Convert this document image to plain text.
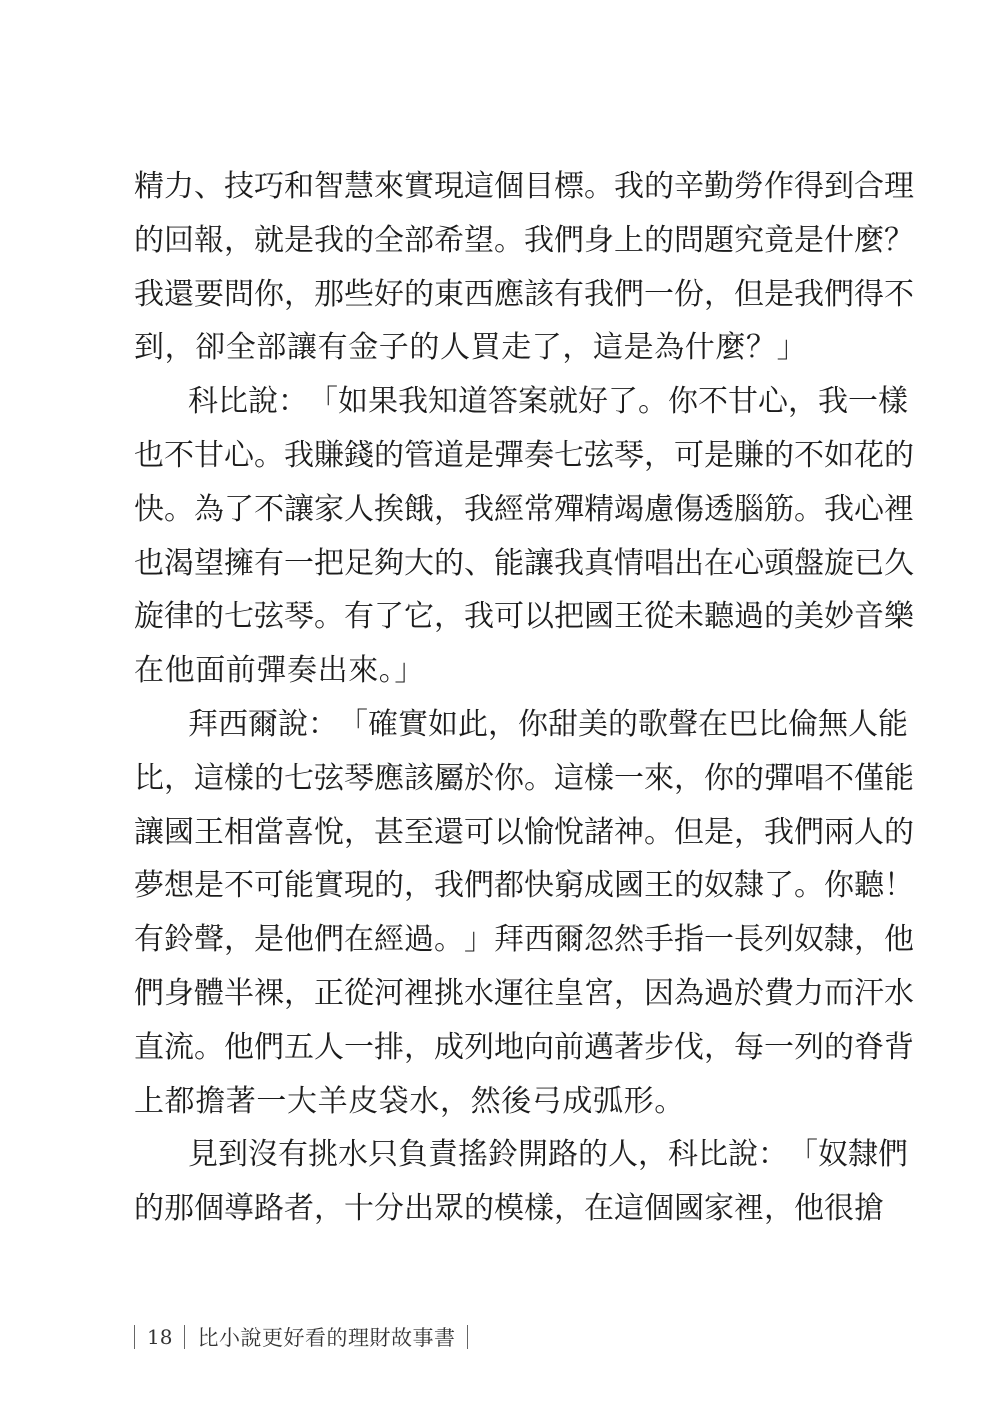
精 力 、 技 巧 和 智 慧 來 實 現 這 個 目 標 。 我 的 辛 勤 勞 作 得 到 合 理
的 回 報 ， 就 是 我 的 全 部 希 望 。 我 們 身 上 的 問 題 究 竟 是 什 麼 ？
我 還 要 問 你 ， 那 些 好 的 東 西 應 該 有 我 們 一 份 ， 但 是 我 們 得 不
到，卻全部讓有金子的人買走了，這是為什麼？」
科 比 說 ： 「 如 果 我 知 道 答 案 就 好 了 。 你 不 甘 心 ， 我 一 樣
也 不 甘 心 。 我 賺 錢 的 管 道 是 彈 奏 七 弦 琴 ， 可 是 賺 的 不 如 花 的
快 。 為 了 不 讓 家 人 挨 餓 ， 我 經 常 殫 精 竭 慮 傷 透 腦 筋 。 我 心 裡
也 渴 望 擁 有 一 把 足 夠 大 的 、 能 讓 我 真 情 唱 出 在 心 頭 盤 旋 已 久
旋 律 的 七 弦 琴 。 有 了 它 ， 我 可 以 把 國 王 從 未 聽 過 的 美 妙 音 樂
在他面前彈奏出來。」
拜 西 爾 說 ： 「 確 實 如 此 ， 你 甜 美 的 歌 聲 在 巴 比 倫 無 人 能
比 ， 這 樣 的 七 弦 琴 應 該 屬 於 你 。 這 樣 一 來 ， 你 的 彈 唱 不 僅 能
讓 國 王 相 當 喜 悅 ， 甚 至 還 可 以 愉 悅 諸 神 。 但 是 ， 我 們 兩 人 的
夢 想 是 不 可 能 實 現 的 ， 我 們 都 快 窮 成 國 王 的 奴 隸 了 。 你 聽 ！
有 鈴 聲 ， 是 他 們 在 經 過 。 」 拜 西 爾 忽 然 手 指 一 長 列 奴 隸 ， 他
們 身 體 半 裸 ， 正 從 河 裡 挑 水 運 往 皇 宮 ， 因 為 過 於 費 力 而 汗 水
直 流 。 他 們 五 人 一 排 ， 成 列 地 向 前 邁 著 步 伐 ， 每 一 列 的 脊 背
上都擔著一大羊皮袋水，然後弓成弧形。
見 到 沒 有 挑 水 只 負 責 搖 鈴 開 路 的 人 ， 科 比 說 ： 「 奴 隸 們
的 那 個 導 路 者 ， 十 分 出 眾 的 模 樣 ， 在 這 個 國 家 裡 ， 他 很 搶
18 比小說更好看的理財故事書
